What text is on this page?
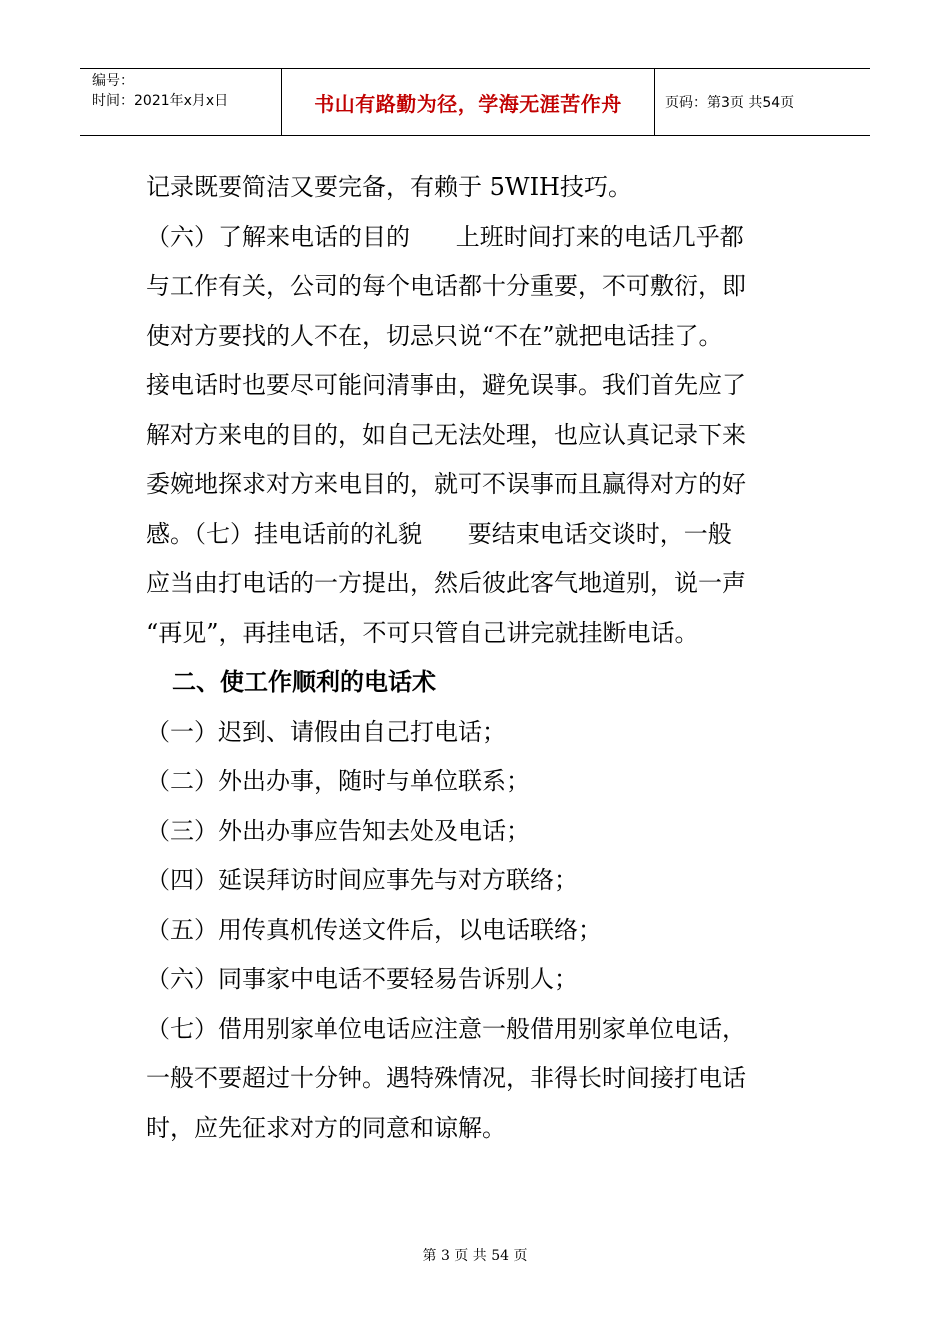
编号：
时间：2021年x月x日	书山有路勤为径，学海无涯苦作舟	页码：第3页 共54页
记录既要简洁又要完备，有赖于 5WIH技巧。
（六）了解来电话的目的      上班时间打来的电话几乎都
与工作有关，公司的每个电话都十分重要，不可敷衍，即
使对方要找的人不在，切忌只说“不在”就把电话挂了。
接电话时也要尽可能问清事由，避免误事。我们首先应了
解对方来电的目的，如自己无法处理，也应认真记录下来
委婉地探求对方来电目的，就可不误事而且赢得对方的好
感。（七）挂电话前的礼貌      要结束电话交谈时，一般
应当由打电话的一方提出，然后彼此客气地道别，说一声
“再见”，再挂电话，不可只管自己讲完就挂断电话。
二、使工作顺利的电话术
（一）迟到、请假由自己打电话；
（二）外出办事，随时与单位联系；
（三）外出办事应告知去处及电话；
（四）延误拜访时间应事先与对方联络；
（五）用传真机传送文件后，以电话联络；
（六）同事家中电话不要轻易告诉别人；
（七）借用别家单位电话应注意一般借用别家单位电话，
一般不要超过十分钟。遇特殊情况，非得长时间接打电话
时，应先征求对方的同意和谅解。
第 3 页 共 54 页
